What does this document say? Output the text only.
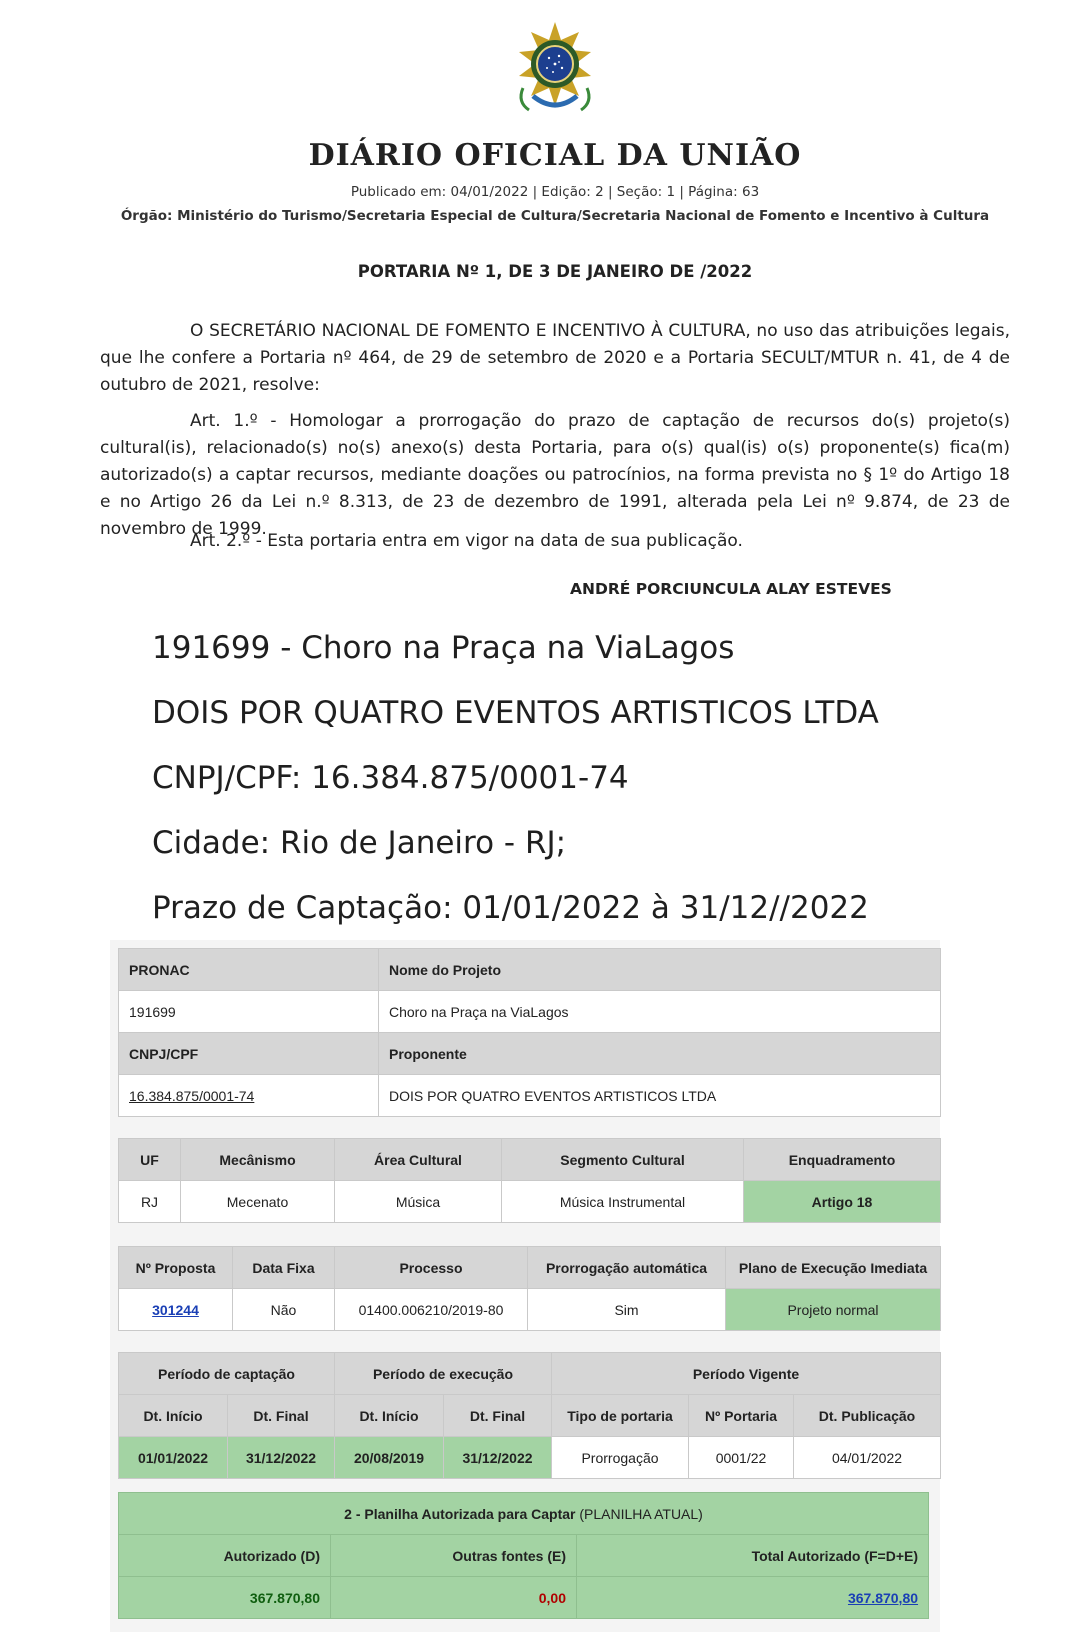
DIÁRIO OFICIAL DA UNIÃO
Publicado em: 04/01/2022 | Edição: 2 | Seção: 1 | Página: 63
Órgão: Ministério do Turismo/Secretaria Especial de Cultura/Secretaria Nacional de Fomento e Incentivo à Cultura
PORTARIA Nº 1, DE 3 DE JANEIRO DE /2022

O SECRETÁRIO NACIONAL DE FOMENTO E INCENTIVO À CULTURA, no uso das atribuições legais, que lhe confere a Portaria nº 464, de 29 de setembro de 2020 e a Portaria SECULT/MTUR n. 41, de 4 de outubro de 2021, resolve:

Art. 1.º - Homologar a prorrogação do prazo de captação de recursos do(s) projeto(s) cultural(is), relacionado(s) no(s) anexo(s) desta Portaria, para o(s) qual(is) o(s) proponente(s) fica(m) autorizado(s) a captar recursos, mediante doações ou patrocínios, na forma prevista no § 1º do Artigo 18 e no Artigo 26 da Lei n.º 8.313, de 23 de dezembro de 1991, alterada pela Lei nº 9.874, de 23 de novembro de 1999.

Art. 2.º - Esta portaria entra em vigor na data de sua publicação.

ANDRÉ PORCIUNCULA ALAY ESTEVES
191699 - Choro na Praça na ViaLagos
DOIS POR QUATRO EVENTOS ARTISTICOS LTDA
CNPJ/CPF: 16.384.875/0001-74
Cidade: Rio de Janeiro - RJ;
Prazo de Captação: 01/01/2022 à 31/12//2022
PRONAC	Nome do Projeto
191699	Choro na Praça na ViaLagos
CNPJ/CPF	Proponente
16.384.875/0001-74	DOIS POR QUATRO EVENTOS ARTISTICOS LTDA
UF	Mecânismo	Área Cultural	Segmento Cultural	Enquadramento
RJ	Mecenato	Música	Música Instrumental	Artigo 18
Nº Proposta	Data Fixa	Processo	Prorrogação automática	Plano de Execução Imediata
301244	Não	01400.006210/2019-80	Sim	Projeto normal
Período de captação		Período de execução		Período Vigente		
Dt. Início	Dt. Final	Dt. Início	Dt. Final	Tipo de portaria	Nº Portaria	Dt. Publicação
01/01/2022	31/12/2022	20/08/2019	31/12/2022	Prorrogação	0001/22	04/01/2022
2 - Planilha Autorizada para Captar (PLANILHA ATUAL)		
Autorizado (D)	Outras fontes (E)	Total Autorizado (F=D+E)
367.870,80	0,00	367.870,80
